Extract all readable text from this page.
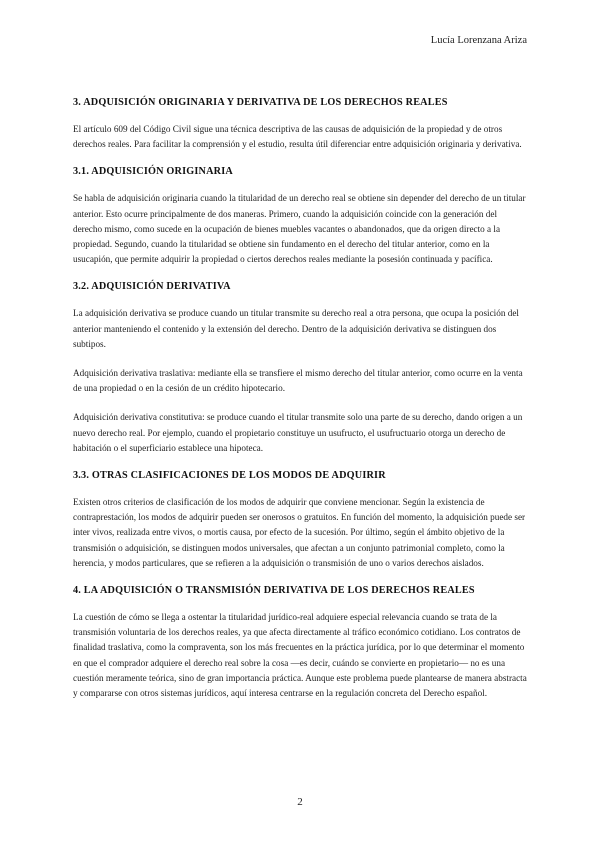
Lucía Lorenzana Ariza
3. ADQUISICIÓN ORIGINARIA Y DERIVATIVA DE LOS DERECHOS REALES

El artículo 609 del Código Civil sigue una técnica descriptiva de las causas de adquisición de la propiedad y de otros derechos reales. Para facilitar la comprensión y el estudio, resulta útil diferenciar entre adquisición originaria y derivativa.

3.1. ADQUISICIÓN ORIGINARIA

Se habla de adquisición originaria cuando la titularidad de un derecho real se obtiene sin depender del derecho de un titular anterior. Esto ocurre principalmente de dos maneras. Primero, cuando la adquisición coincide con la generación del derecho mismo, como sucede en la ocupación de bienes muebles vacantes o abandonados, que da origen directo a la propiedad. Segundo, cuando la titularidad se obtiene sin fundamento en el derecho del titular anterior, como en la usucapión, que permite adquirir la propiedad o ciertos derechos reales mediante la posesión continuada y pacífica.

3.2. ADQUISICIÓN DERIVATIVA

La adquisición derivativa se produce cuando un titular transmite su derecho real a otra persona, que ocupa la posición del anterior manteniendo el contenido y la extensión del derecho. Dentro de la adquisición derivativa se distinguen dos subtipos.

Adquisición derivativa traslativa: mediante ella se transfiere el mismo derecho del titular anterior, como ocurre en la venta de una propiedad o en la cesión de un crédito hipotecario.

Adquisición derivativa constitutiva: se produce cuando el titular transmite solo una parte de su derecho, dando origen a un nuevo derecho real. Por ejemplo, cuando el propietario constituye un usufructo, el usufructuario otorga un derecho de habitación o el superficiario establece una hipoteca.

3.3. OTRAS CLASIFICACIONES DE LOS MODOS DE ADQUIRIR

Existen otros criterios de clasificación de los modos de adquirir que conviene mencionar. Según la existencia de contraprestación, los modos de adquirir pueden ser onerosos o gratuitos. En función del momento, la adquisición puede ser inter vivos, realizada entre vivos, o mortis causa, por efecto de la sucesión. Por último, según el ámbito objetivo de la transmisión o adquisición, se distinguen modos universales, que afectan a un conjunto patrimonial completo, como la herencia, y modos particulares, que se refieren a la adquisición o transmisión de uno o varios derechos aislados.

4. LA ADQUISICIÓN O TRANSMISIÓN DERIVATIVA DE LOS DERECHOS REALES

La cuestión de cómo se llega a ostentar la titularidad jurídico-real adquiere especial relevancia cuando se trata de la transmisión voluntaria de los derechos reales, ya que afecta directamente al tráfico económico cotidiano. Los contratos de finalidad traslativa, como la compraventa, son los más frecuentes en la práctica jurídica, por lo que determinar el momento en que el comprador adquiere el derecho real sobre la cosa —es decir, cuándo se convierte en propietario— no es una cuestión meramente teórica, sino de gran importancia práctica. Aunque este problema puede plantearse de manera abstracta y compararse con otros sistemas jurídicos, aquí interesa centrarse en la regulación concreta del Derecho español.

2
